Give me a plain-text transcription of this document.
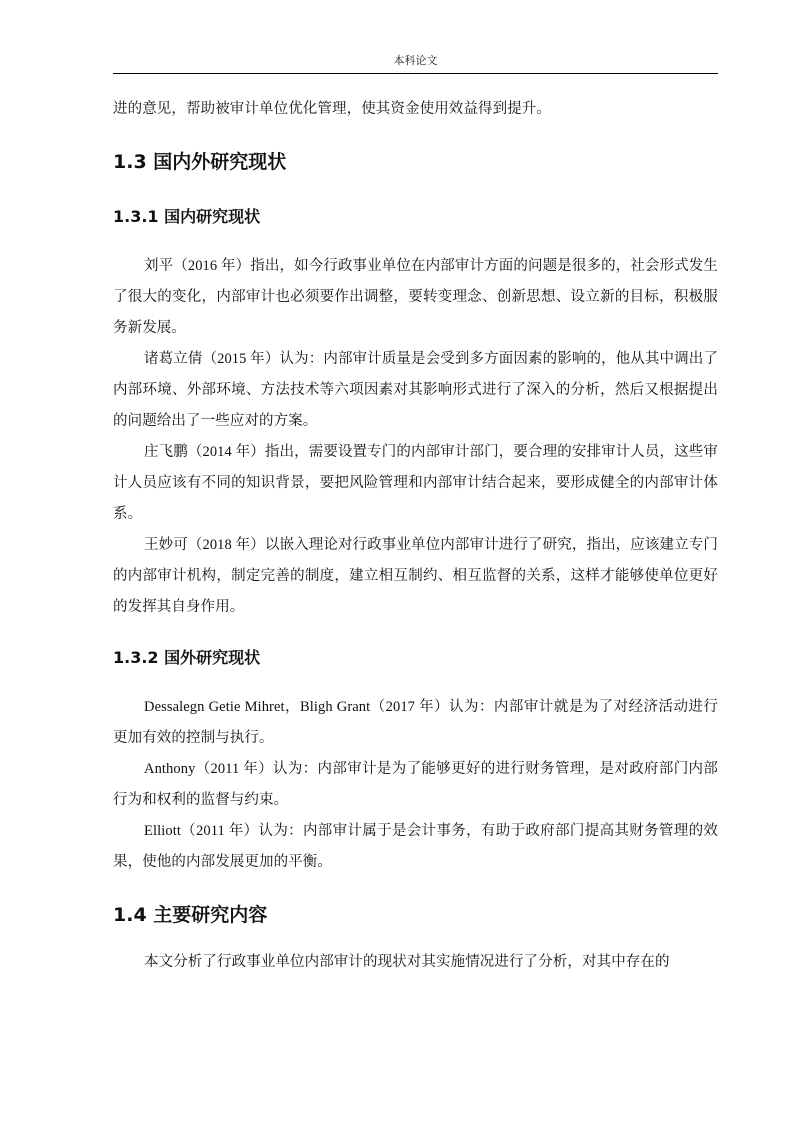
本科论文

进的意见，帮助被审计单位优化管理，使其资金使用效益得到提升。

1.3 国内外研究现状
1.3.1 国内研究现状

刘平（2016 年）指出，如今行政事业单位在内部审计方面的问题是很多的，社会形式发生了很大的变化，内部审计也必须要作出调整，要转变理念、创新思想、设立新的目标，积极服务新发展。

诸葛立倩（2015 年）认为：内部审计质量是会受到多方面因素的影响的，他从其中调出了内部环境、外部环境、方法技术等六项因素对其影响形式进行了深入的分析，然后又根据提出的问题给出了一些应对的方案。

庄飞鹏（2014 年）指出，需要设置专门的内部审计部门，要合理的安排审计人员，这些审计人员应该有不同的知识背景，要把风险管理和内部审计结合起来，要形成健全的内部审计体系。

王妙可（2018 年）以嵌入理论对行政事业单位内部审计进行了研究，指出，应该建立专门的内部审计机构，制定完善的制度，建立相互制约、相互监督的关系，这样才能够使单位更好的发挥其自身作用。

1.3.2 国外研究现状

Dessalegn Getie Mihret，Bligh Grant（2017 年）认为：内部审计就是为了对经济活动进行更加有效的控制与执行。

Anthony（2011 年）认为：内部审计是为了能够更好的进行财务管理，是对政府部门内部行为和权利的监督与约束。

Elliott（2011 年）认为：内部审计属于是会计事务，有助于政府部门提高其财务管理的效果，使他的内部发展更加的平衡。

1.4 主要研究内容

本文分析了行政事业单位内部审计的现状对其实施情况进行了分析，对其中存在的
